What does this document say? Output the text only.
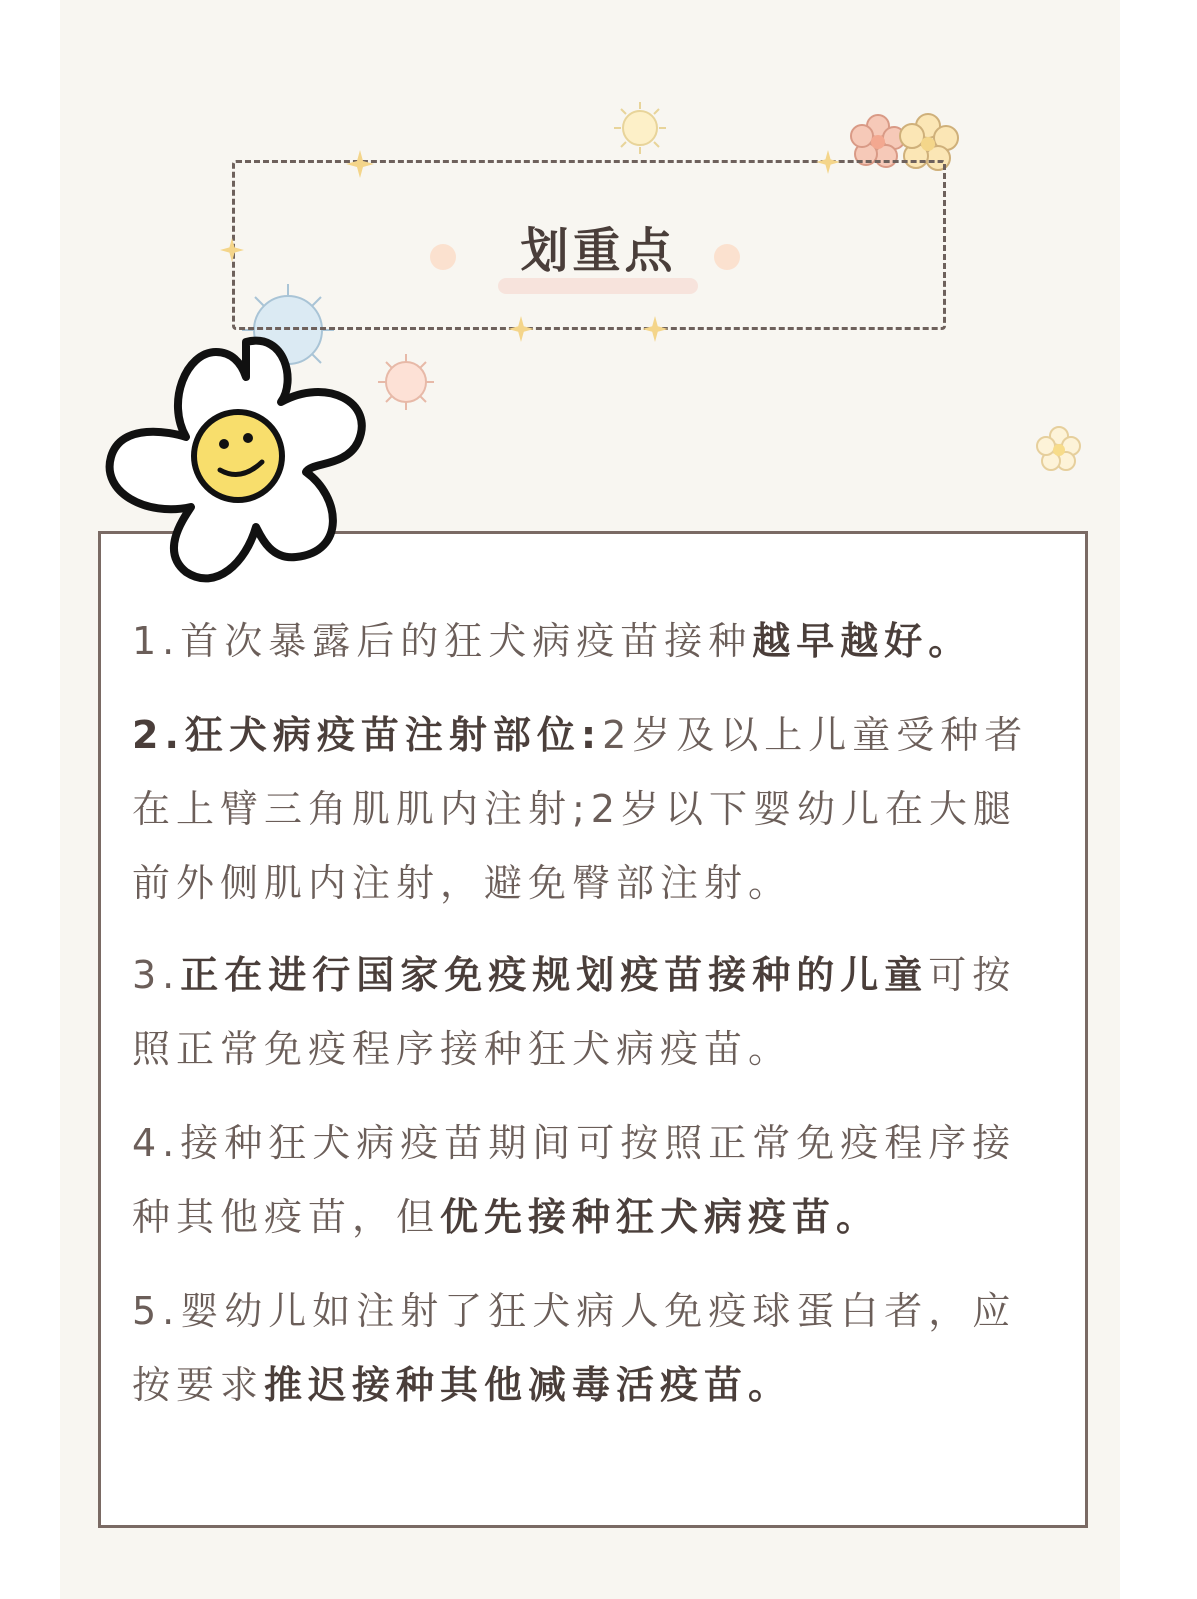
划重点
1.首次暴露后的狂犬病疫苗接种越早越好。
2.狂犬病疫苗注射部位:2岁及以上儿童受种者在上臂三角肌肌内注射;2岁以下婴幼儿在大腿前外侧肌内注射，避免臀部注射。
3.正在进行国家免疫规划疫苗接种的儿童可按照正常免疫程序接种狂犬病疫苗。
4.接种狂犬病疫苗期间可按照正常免疫程序接种其他疫苗，但优先接种狂犬病疫苗。
5.婴幼儿如注射了狂犬病人免疫球蛋白者，应按要求推迟接种其他减毒活疫苗。
